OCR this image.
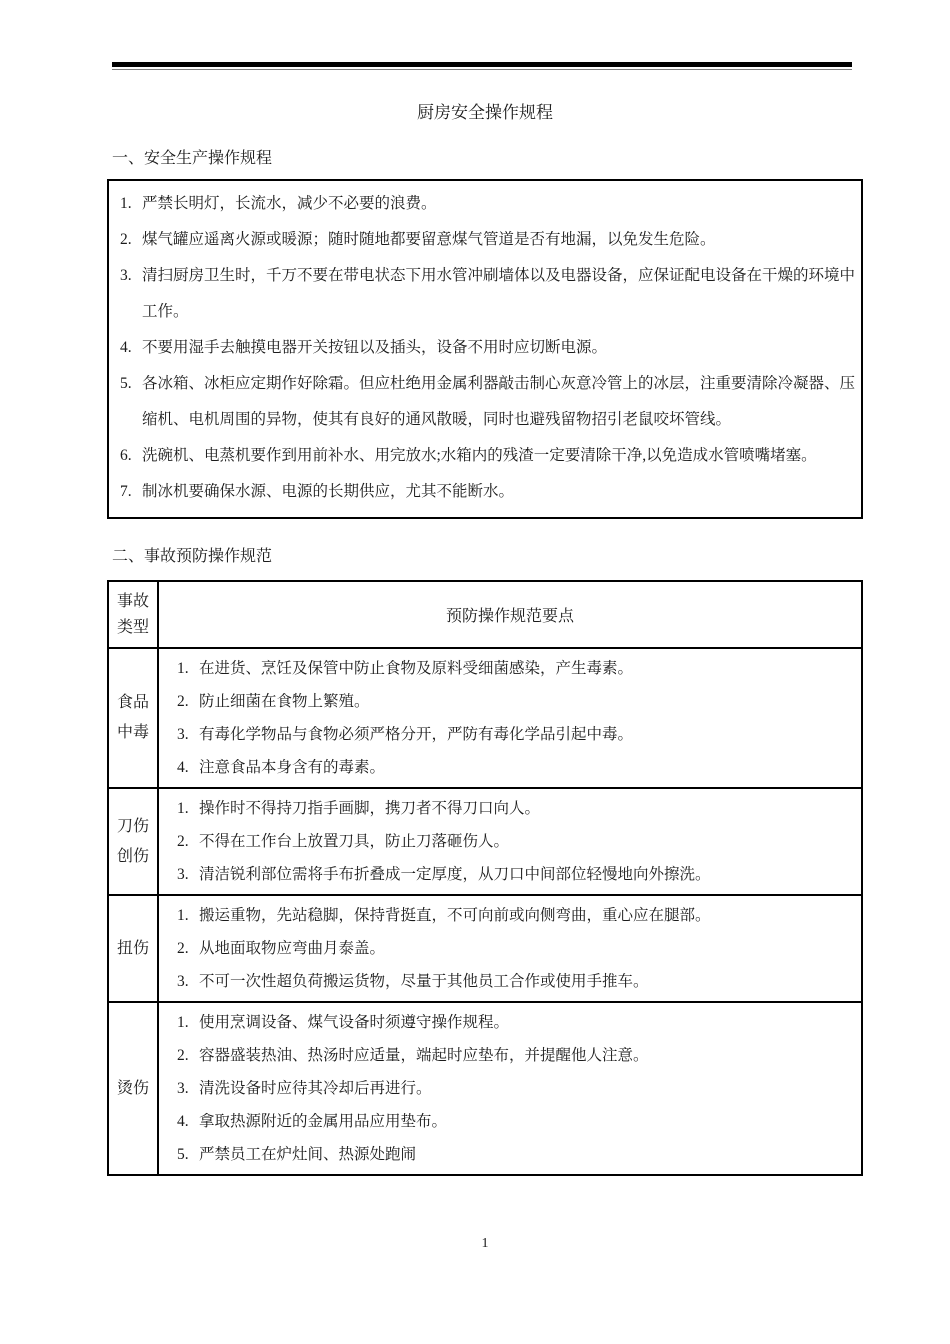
厨房安全操作规程
一、安全生产操作规程
严禁长明灯，长流水，减少不必要的浪费。
煤气罐应遥离火源或暖源；随时随地都要留意煤气管道是否有地漏，以免发生危险。
清扫厨房卫生时，千万不要在带电状态下用水管冲刷墙体以及电器设备，应保证配电设备在干燥的环境中工作。
不要用湿手去触摸电器开关按钮以及插头，设备不用时应切断电源。
各冰箱、冰柜应定期作好除霜。但应杜绝用金属利器敲击制心灰意冷管上的冰层，注重要清除冷凝器、压缩机、电机周围的异物，使其有良好的通风散暖，同时也避残留物招引老鼠咬坏管线。
洗碗机、电蒸机要作到用前补水、用完放水;水箱内的残渣一定要清除干净,以免造成水管喷嘴堵塞。
制冰机要确保水源、电源的长期供应，尤其不能断水。
二、事故预防操作规范
事故类型	预防操作规范要点
食品中毒	
在进货、烹饪及保管中防止食物及原料受细菌感染，产生毒素。
防止细菌在食物上繁殖。
有毒化学物品与食物必须严格分开，严防有毒化学品引起中毒。
注意食品本身含有的毒素。

刀伤创伤	
操作时不得持刀指手画脚，携刀者不得刀口向人。
不得在工作台上放置刀具，防止刀落砸伤人。
清洁锐利部位需将手布折叠成一定厚度，从刀口中间部位轻慢地向外擦洗。

扭伤	
搬运重物，先站稳脚，保持背挺直，不可向前或向侧弯曲，重心应在腿部。
从地面取物应弯曲月泰盖。
不可一次性超负荷搬运货物，尽量于其他员工合作或使用手推车。

烫伤	
使用烹调设备、煤气设备时须遵守操作规程。
容器盛装热油、热汤时应适量，端起时应垫布，并提醒他人注意。
清洗设备时应待其冷却后再进行。
拿取热源附近的金属用品应用垫布。
严禁员工在炉灶间、热源处跑闹
1
